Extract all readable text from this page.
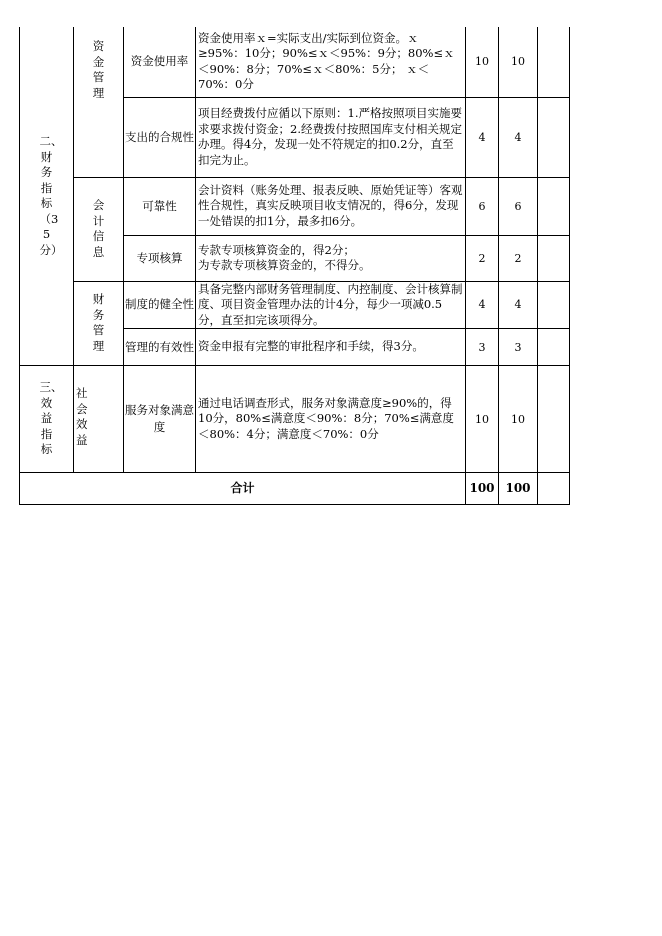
二、财务指标（35分）	资金管理	资金使用率	资金使用率ｘ=实际支出/实际到位资金。ｘ≥95%：10分；90%≤ｘ＜95%：9分；80%≤ｘ＜90%：8分；70%≤ｘ＜80%：5分； ｘ＜70%：0分	10	10	
		支出的合规性	项目经费拨付应循以下原则：1.严格按照项目实施要求要求拨付资金；2.经费拨付按照国库支付相关规定办理。得4分，发现一处不符规定的扣0.2分，直至扣完为止。	4	4	

	会计信息	可靠性	会计资料（账务处理、报表反映、原始凭证等）客观性合规性，真实反映项目收支情况的，得6分，发现一处错误的扣1分，最多扣6分。	6	6	
		专项核算	专款专项核算资金的，得2分；
为专款专项核算资金的，不得分。	2	2	

	财务管理	制度的健全性	具备完整内部财务管理制度、内控制度、会计核算制度、项目资金管理办法的计4分，每少一项减0.5分，直至扣完该项得分。	4	4	
		管理的有效性	资金申报有完整的审批程序和手续，得3分。	3	3	

三、效益指标	社会效益	服务对象满意度	通过电话调查形式，服务对象满意度≥90%的，得10分，80%≤满意度＜90%：8分；70%≤满意度＜80%：4分；满意度＜70%：0分	10	10	
合计				100	100	
